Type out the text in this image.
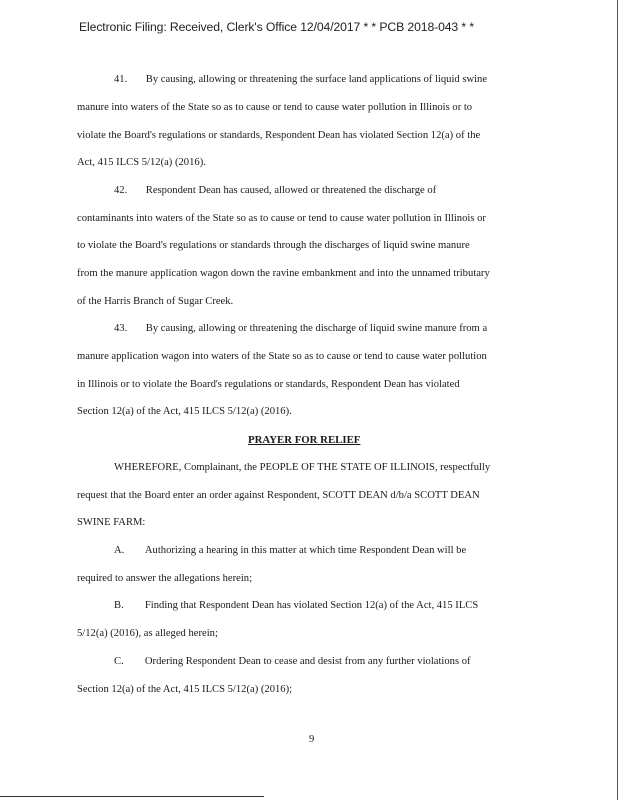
Electronic Filing: Received, Clerk's Office 12/04/2017 * * PCB 2018-043 * *
41.       By causing, allowing or threatening the surface land applications of liquid swine
manure into waters of the State so as to cause or tend to cause water pollution in Illinois or to
violate the Board's regulations or standards, Respondent Dean has violated Section 12(a) of the
Act, 415 ILCS 5/12(a) (2016).
42.       Respondent Dean has caused, allowed or threatened the discharge of
contaminants into waters of the State so as to cause or tend to cause water pollution in Illinois or
to violate the Board's regulations or standards through the discharges of liquid swine manure
from the manure application wagon down the ravine embankment and into the unnamed tributary
of the Harris Branch of Sugar Creek.
43.       By causing, allowing or threatening the discharge of liquid swine manure from a
manure application wagon into waters of the State so as to cause or tend to cause water pollution
in Illinois or to violate the Board's regulations or standards, Respondent Dean has violated
Section 12(a) of the Act, 415 ILCS 5/12(a) (2016).
PRAYER FOR RELIEF
WHEREFORE, Complainant, the PEOPLE OF THE STATE OF ILLINOIS, respectfully
request that the Board enter an order against Respondent, SCOTT DEAN d/b/a SCOTT DEAN
SWINE FARM:
A.        Authorizing a hearing in this matter at which time Respondent Dean will be
required to answer the allegations herein;
B.        Finding that Respondent Dean has violated Section 12(a) of the Act, 415 ILCS
5/12(a) (2016), as alleged herein;
C.        Ordering Respondent Dean to cease and desist from any further violations of
Section 12(a) of the Act, 415 ILCS 5/12(a) (2016);
9
